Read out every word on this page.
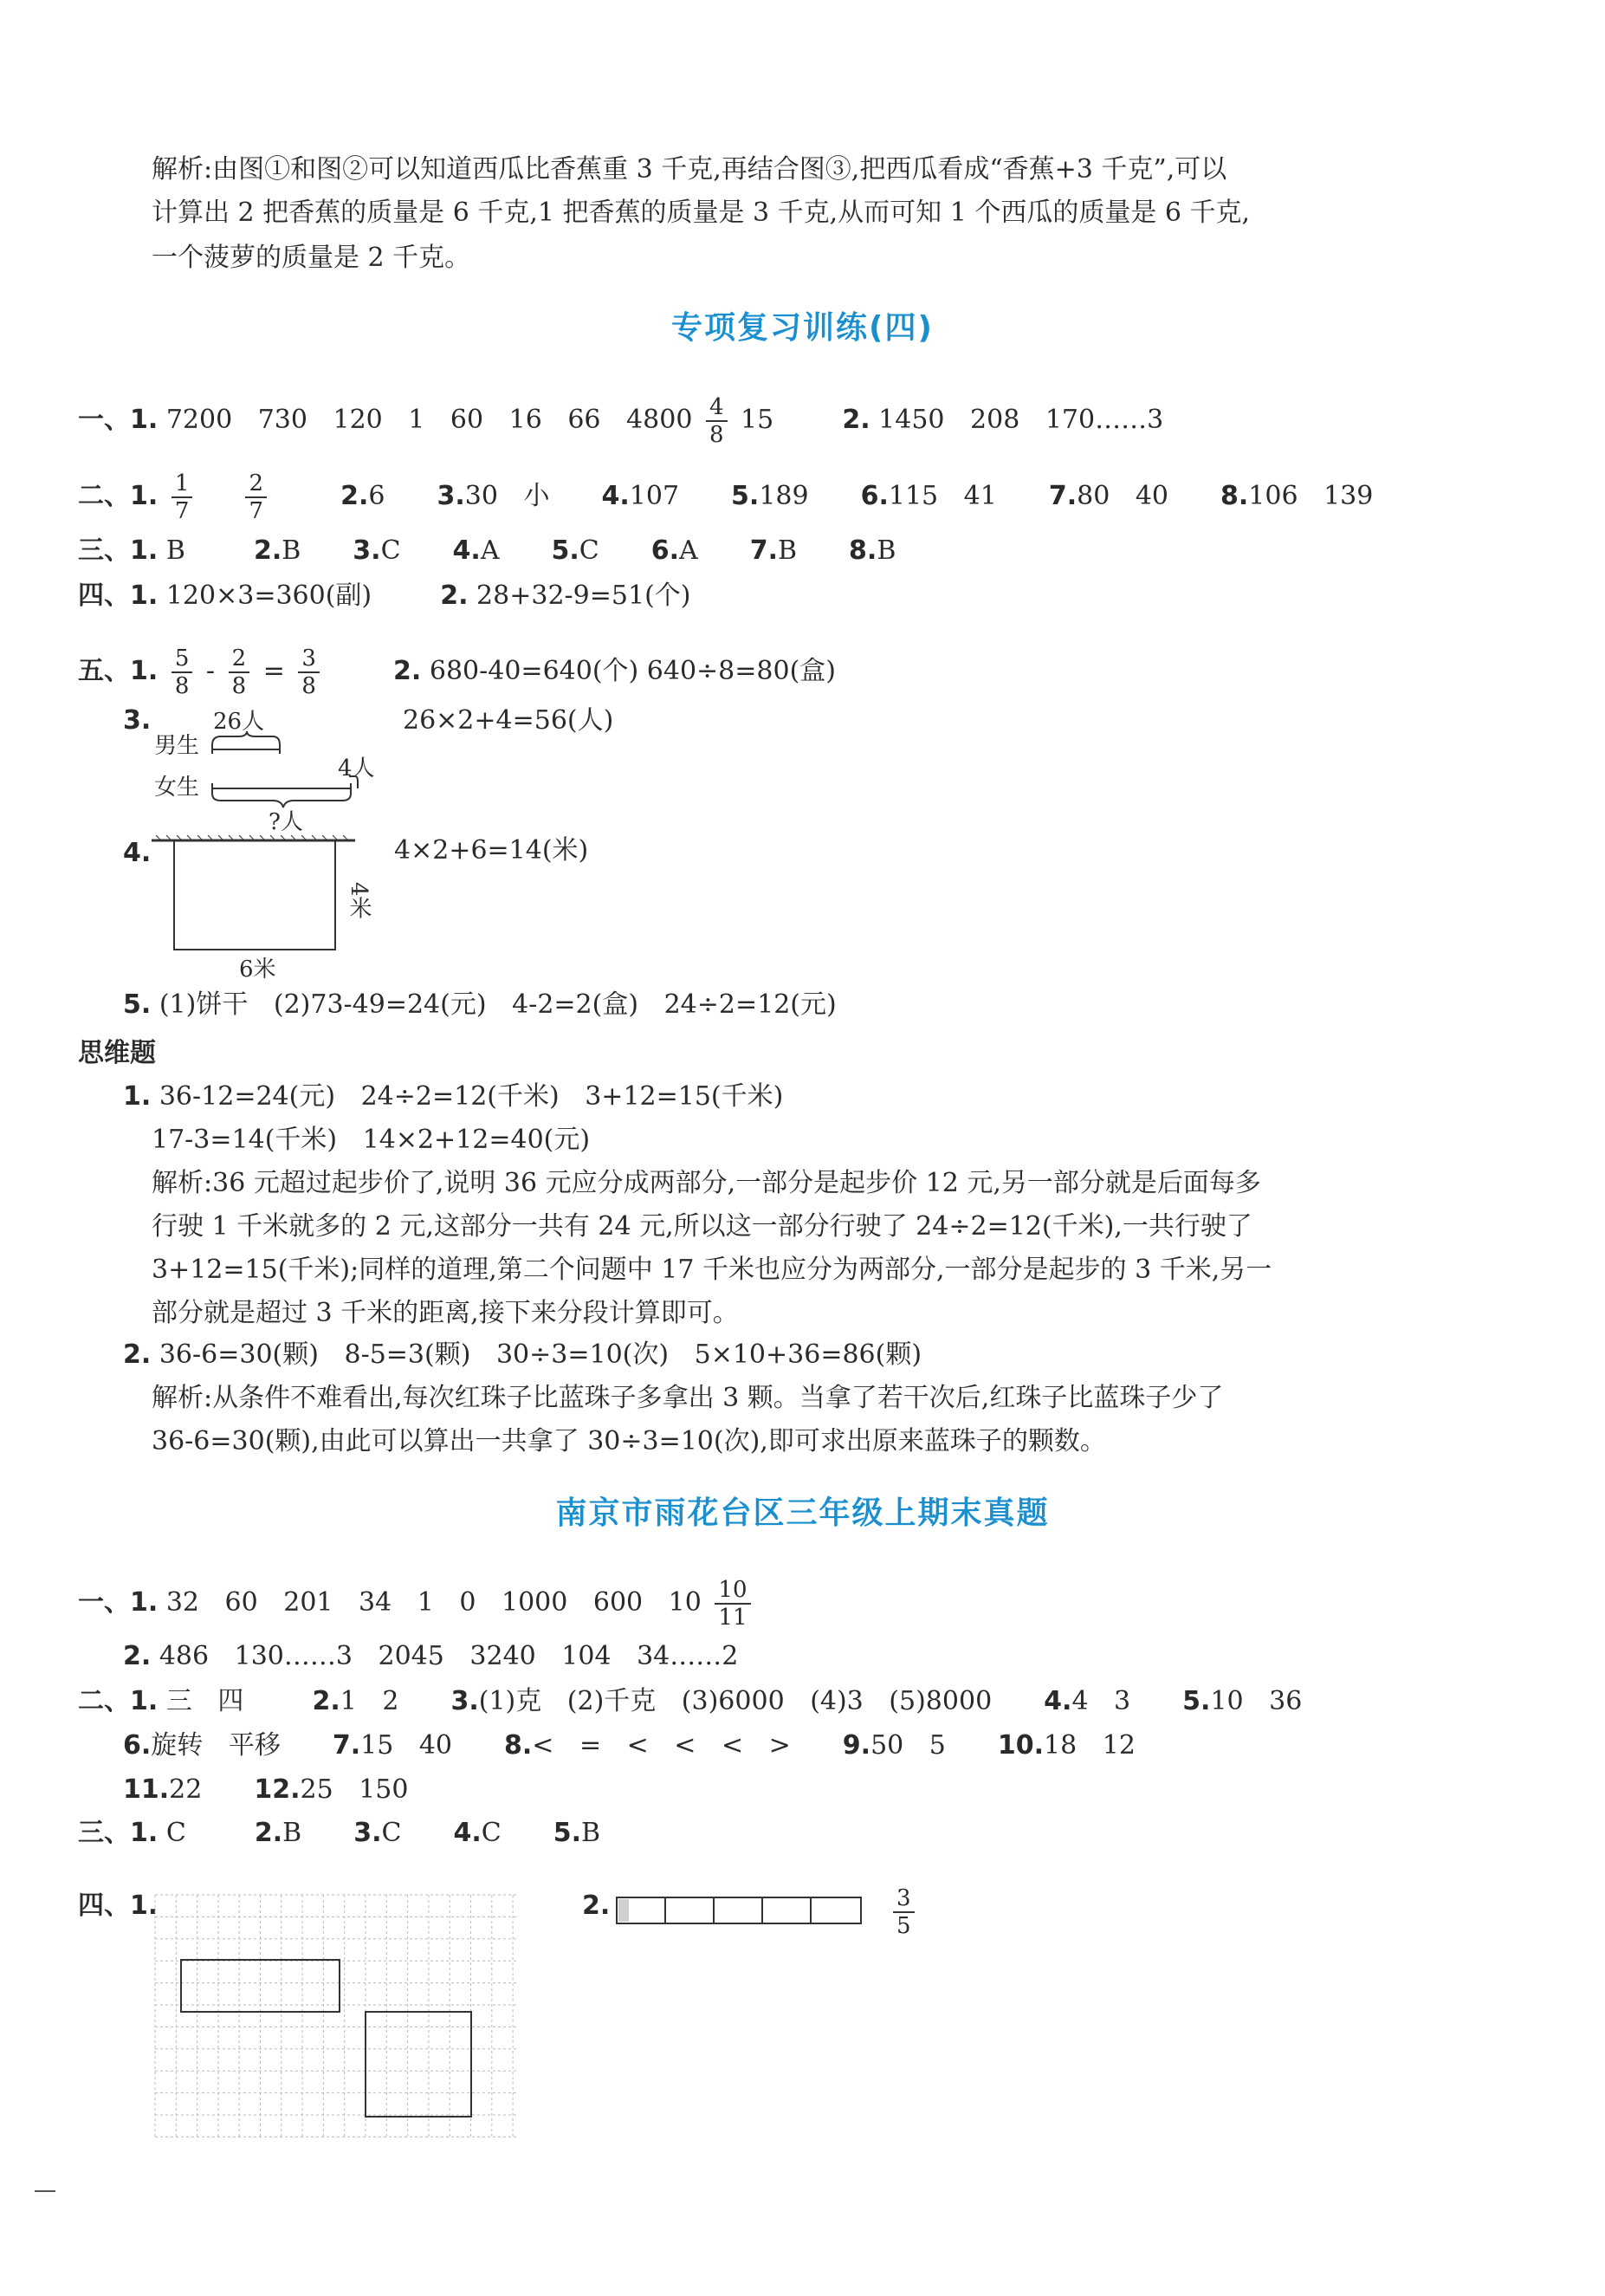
解析:由图①和图②可以知道西瓜比香蕉重 3 千克,再结合图③,把西瓜看成“香蕉+3 千克”,可以
计算出 2 把香蕉的质量是 6 千克,1 把香蕉的质量是 3 千克,从而可知 1 个西瓜的质量是 6 千克,
一个菠萝的质量是 2 千克。
专项复习训练(四)
一、1. 7200 730 120 1 60 16 66 $4800 \frac{4}{8} 15$	2. 1450 208 170……3
二、1. $\frac{1}{7}$
$\frac{2}{7}$	2.6 3.30 小 4.107 5.189 6.115 41 7.80 40 8.106 139
三、1. B	2.B 3.C 4.A 5.C 6.A 7.B 8.B
四、1. 120×3=360(副)	2. 28+32-9=51(个)
五、1. $\frac{5}{8} - \frac{2}{8} = \frac{3}{8}$	2. 680-40=640(个) 640÷8=80(盒)
3.
男生
女生
26人
4人
?人
26×2+4=56(人)
4.
4米
6米
4×2+6=14(米)
5. (1)饼干 (2)73-49=24(元) 4-2=2(盒) 24÷2=12(元)
思维题
1. 36-12=24(元) 24÷2=12(千米) 3+12=15(千米)
17-3=14(千米) 14×2+12=40(元)
解析:36 元超过起步价了,说明 36 元应分成两部分,一部分是起步价 12 元,另一部分就是后面每多
行驶 1 千米就多的 2 元,这部分一共有 24 元,所以这一部分行驶了 24÷2=12(千米),一共行驶了
3+12=15(千米);同样的道理,第二个问题中 17 千米也应分为两部分,一部分是起步的 3 千米,另一
部分就是超过 3 千米的距离,接下来分段计算即可。
2. 36-6=30(颗) 8-5=3(颗) 30÷3=10(次) 5×10+36=86(颗)
解析:从条件不难看出,每次红珠子比蓝珠子多拿出 3 颗。当拿了若干次后,红珠子比蓝珠子少了
36-6=30(颗),由此可以算出一共拿了 30÷3=10(次),即可求出原来蓝珠子的颗数。
南京市雨花台区三年级上期末真题
一、1. 32 60 201 34 1 0 1000 600 $10 \frac{10}{11}$
2. 486 130……3 2045 3240 104 34……2
二、1. 三 四	2.1 2 3.(1)克 (2)千克 (3)6000 (4)3 (5)8000 4.4 3 5.10 36
6.旋转 平移 7.15 40 8.< = < < < > 9.50 5 10.18 12
11.22 12.25 150
三、1. C	2.B 3.C 4.C 5.B
四、1.	2.	$\frac{3}{5}$
